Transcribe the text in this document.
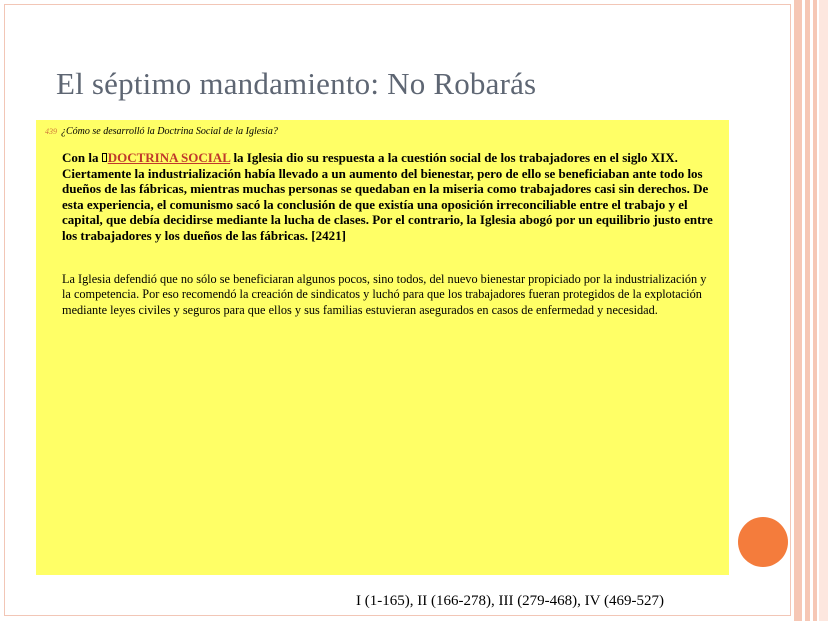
El séptimo mandamiento: No Robarás
439 ¿Cómo se desarrolló la Doctrina Social de la Iglesia?

Con la DOCTRINA SOCIAL la Iglesia dio su respuesta a la cuestión social de los trabajadores en el siglo XIX. Ciertamente la industrialización había llevado a un aumento del bienestar, pero de ello se beneficiaban ante todo los dueños de las fábricas, mientras muchas personas se quedaban en la miseria como trabajadores casi sin derechos. De esta experiencia, el comunismo sacó la conclusión de que existía una oposición irreconciliable entre el trabajo y el capital, que debía decidirse mediante la lucha de clases. Por el contrario, la Iglesia abogó por un equilibrio justo entre los trabajadores y los dueños de las fábricas. [2421]

La Iglesia defendió que no sólo se beneficiaran algunos pocos, sino todos, del nuevo bienestar propiciado por la industrialización y la competencia. Por eso recomendó la creación de sindicatos y luchó para que los trabajadores fueran protegidos de la explotación mediante leyes civiles y seguros para que ellos y sus familias estuvieran asegurados en casos de enfermedad y necesidad.

I (1-165), II (166-278), III (279-468), IV (469-527)
